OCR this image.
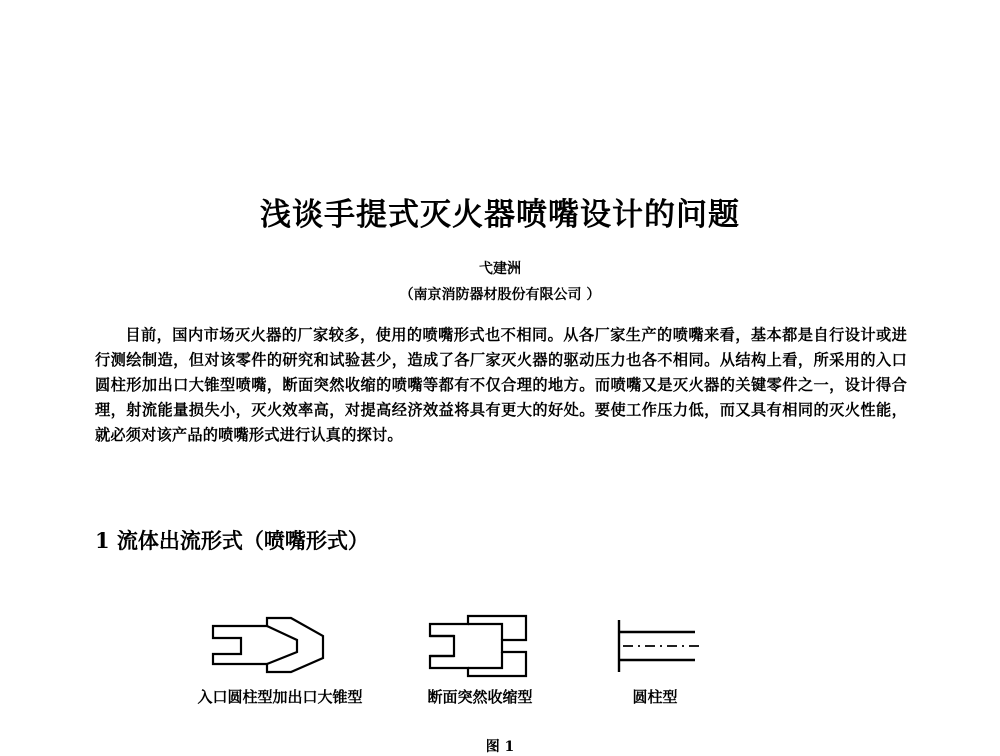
浅谈手提式灭火器喷嘴设计的问题
弋建洲
（南京消防器材股份有限公司 ）

目前，国内市场灭火器的厂家较多，使用的喷嘴形式也不相同。从各厂家生产的喷嘴来看，基本都是自行设计或进行测绘制造，但对该零件的研究和试验甚少，造成了各厂家灭火器的驱动压力也各不相同。从结构上看，所采用的入口圆柱形加出口大锥型喷嘴，断面突然收缩的喷嘴等都有不仅合理的地方。而喷嘴又是灭火器的关键零件之一，设计得合理，射流能量损失小，灭火效率高，对提高经济效益将具有更大的好处。要使工作压力低，而又具有相同的灭火性能，就必须对该产品的喷嘴形式进行认真的探讨。

1 流体出流形式（喷嘴形式）
入口圆柱型加出口大锥型	断面突然收缩型	圆柱型
图 1
